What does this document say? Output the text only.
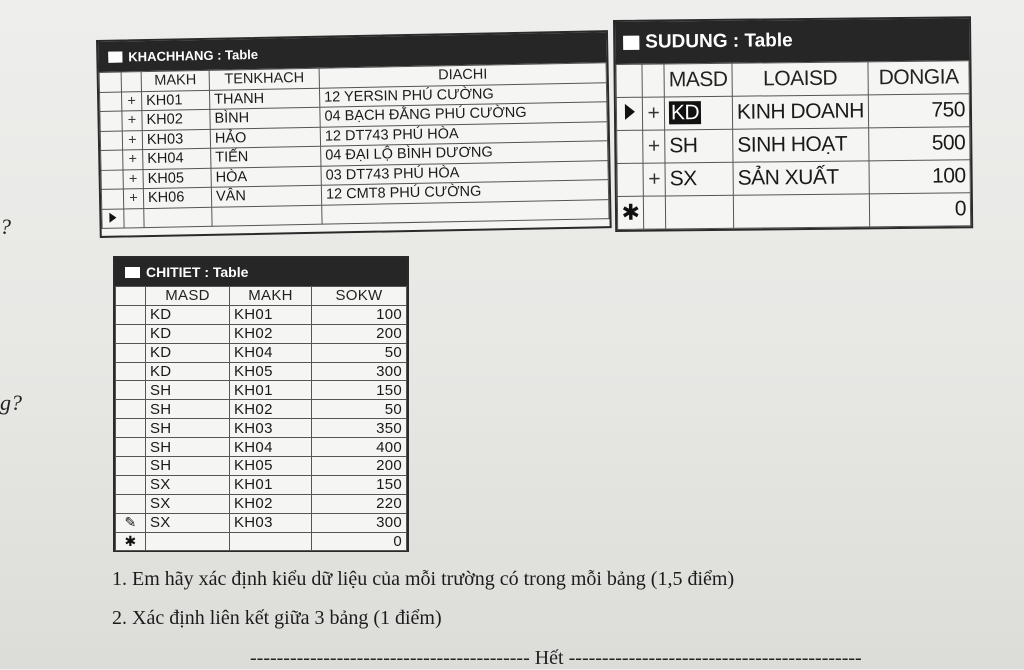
?
g?
KHACHHANG : Table
		MAKH	TENKHACH	DIACHI
	+	KH01	THANH	12 YERSIN PHÚ CƯỜNG
	+	KH02	BÌNH	04 BẠCH ĐẰNG PHÚ CƯỜNG
	+	KH03	HẢO	12 DT743 PHÚ HÒA
	+	KH04	TIẾN	04 ĐẠI LỘ BÌNH DƯƠNG
	+	KH05	HÒA	03 DT743 PHÚ HÒA
	+	KH06	VÂN	12 CMT8 PHÚ CƯỜNG

SUDUNG : Table
		MASD	LOAISD	DONGIA
	+	KD	KINH DOANH	750
	+	SH	SINH HOẠT	500
	+	SX	SẢN XUẤT	100
✱				0
CHITIET : Table
	MASD	MAKH	SOKW
	KD	KH01	100
	KD	KH02	200
	KD	KH04	50
	KD	KH05	300
	SH	KH01	150
	SH	KH02	50
	SH	KH03	350
	SH	KH04	400
	SH	KH05	200
	SX	KH01	150
	SX	KH02	220
✎	SX	KH03	300
✱			0
1. Em hãy xác định kiểu dữ liệu của mỗi trường có trong mỗi bảng (1,5 điểm)
2. Xác định liên kết giữa 3 bảng (1 điểm)
------------------------------------------ Hết --------------------------------------------
